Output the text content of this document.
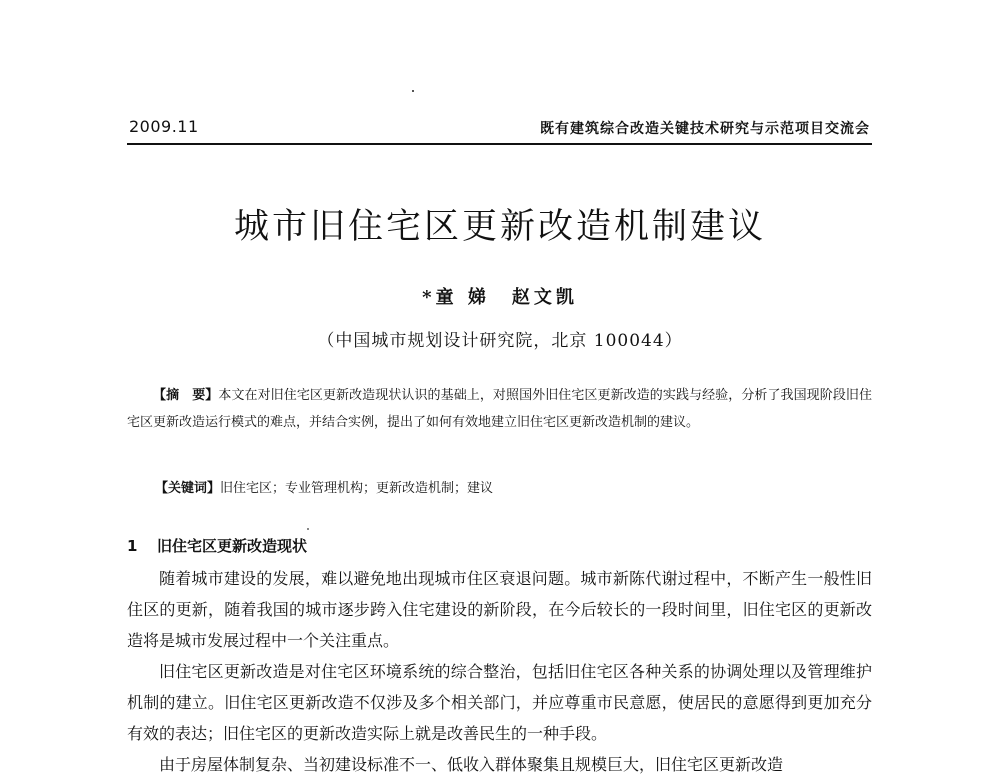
2009.11	既有建筑综合改造关键技术研究与示范项目交流会
城市旧住宅区更新改造机制建议
*童 娣 赵文凯
（中国城市规划设计研究院，北京 100044）

【摘　要】本文在对旧住宅区更新改造现状认识的基础上，对照国外旧住宅区更新改造的实践与经验，分析了我国现阶段旧住宅区更新改造运行模式的难点，并结合实例，提出了如何有效地建立旧住宅区更新改造机制的建议。

【关键词】旧住宅区；专业管理机构；更新改造机制；建议

1 旧住宅区更新改造现状

随着城市建设的发展，难以避免地出现城市住区衰退问题。城市新陈代谢过程中，不断产生一般性旧住区的更新，随着我国的城市逐步跨入住宅建设的新阶段，在今后较长的一段时间里，旧住宅区的更新改造将是城市发展过程中一个关注重点。

旧住宅区更新改造是对住宅区环境系统的综合整治，包括旧住宅区各种关系的协调处理以及管理维护机制的建立。旧住宅区更新改造不仅涉及多个相关部门，并应尊重市民意愿，使居民的意愿得到更加充分有效的表达；旧住宅区的更新改造实际上就是改善民生的一种手段。

由于房屋体制复杂、当初建设标准不一、低收入群体聚集且规模巨大，旧住宅区更新改造
